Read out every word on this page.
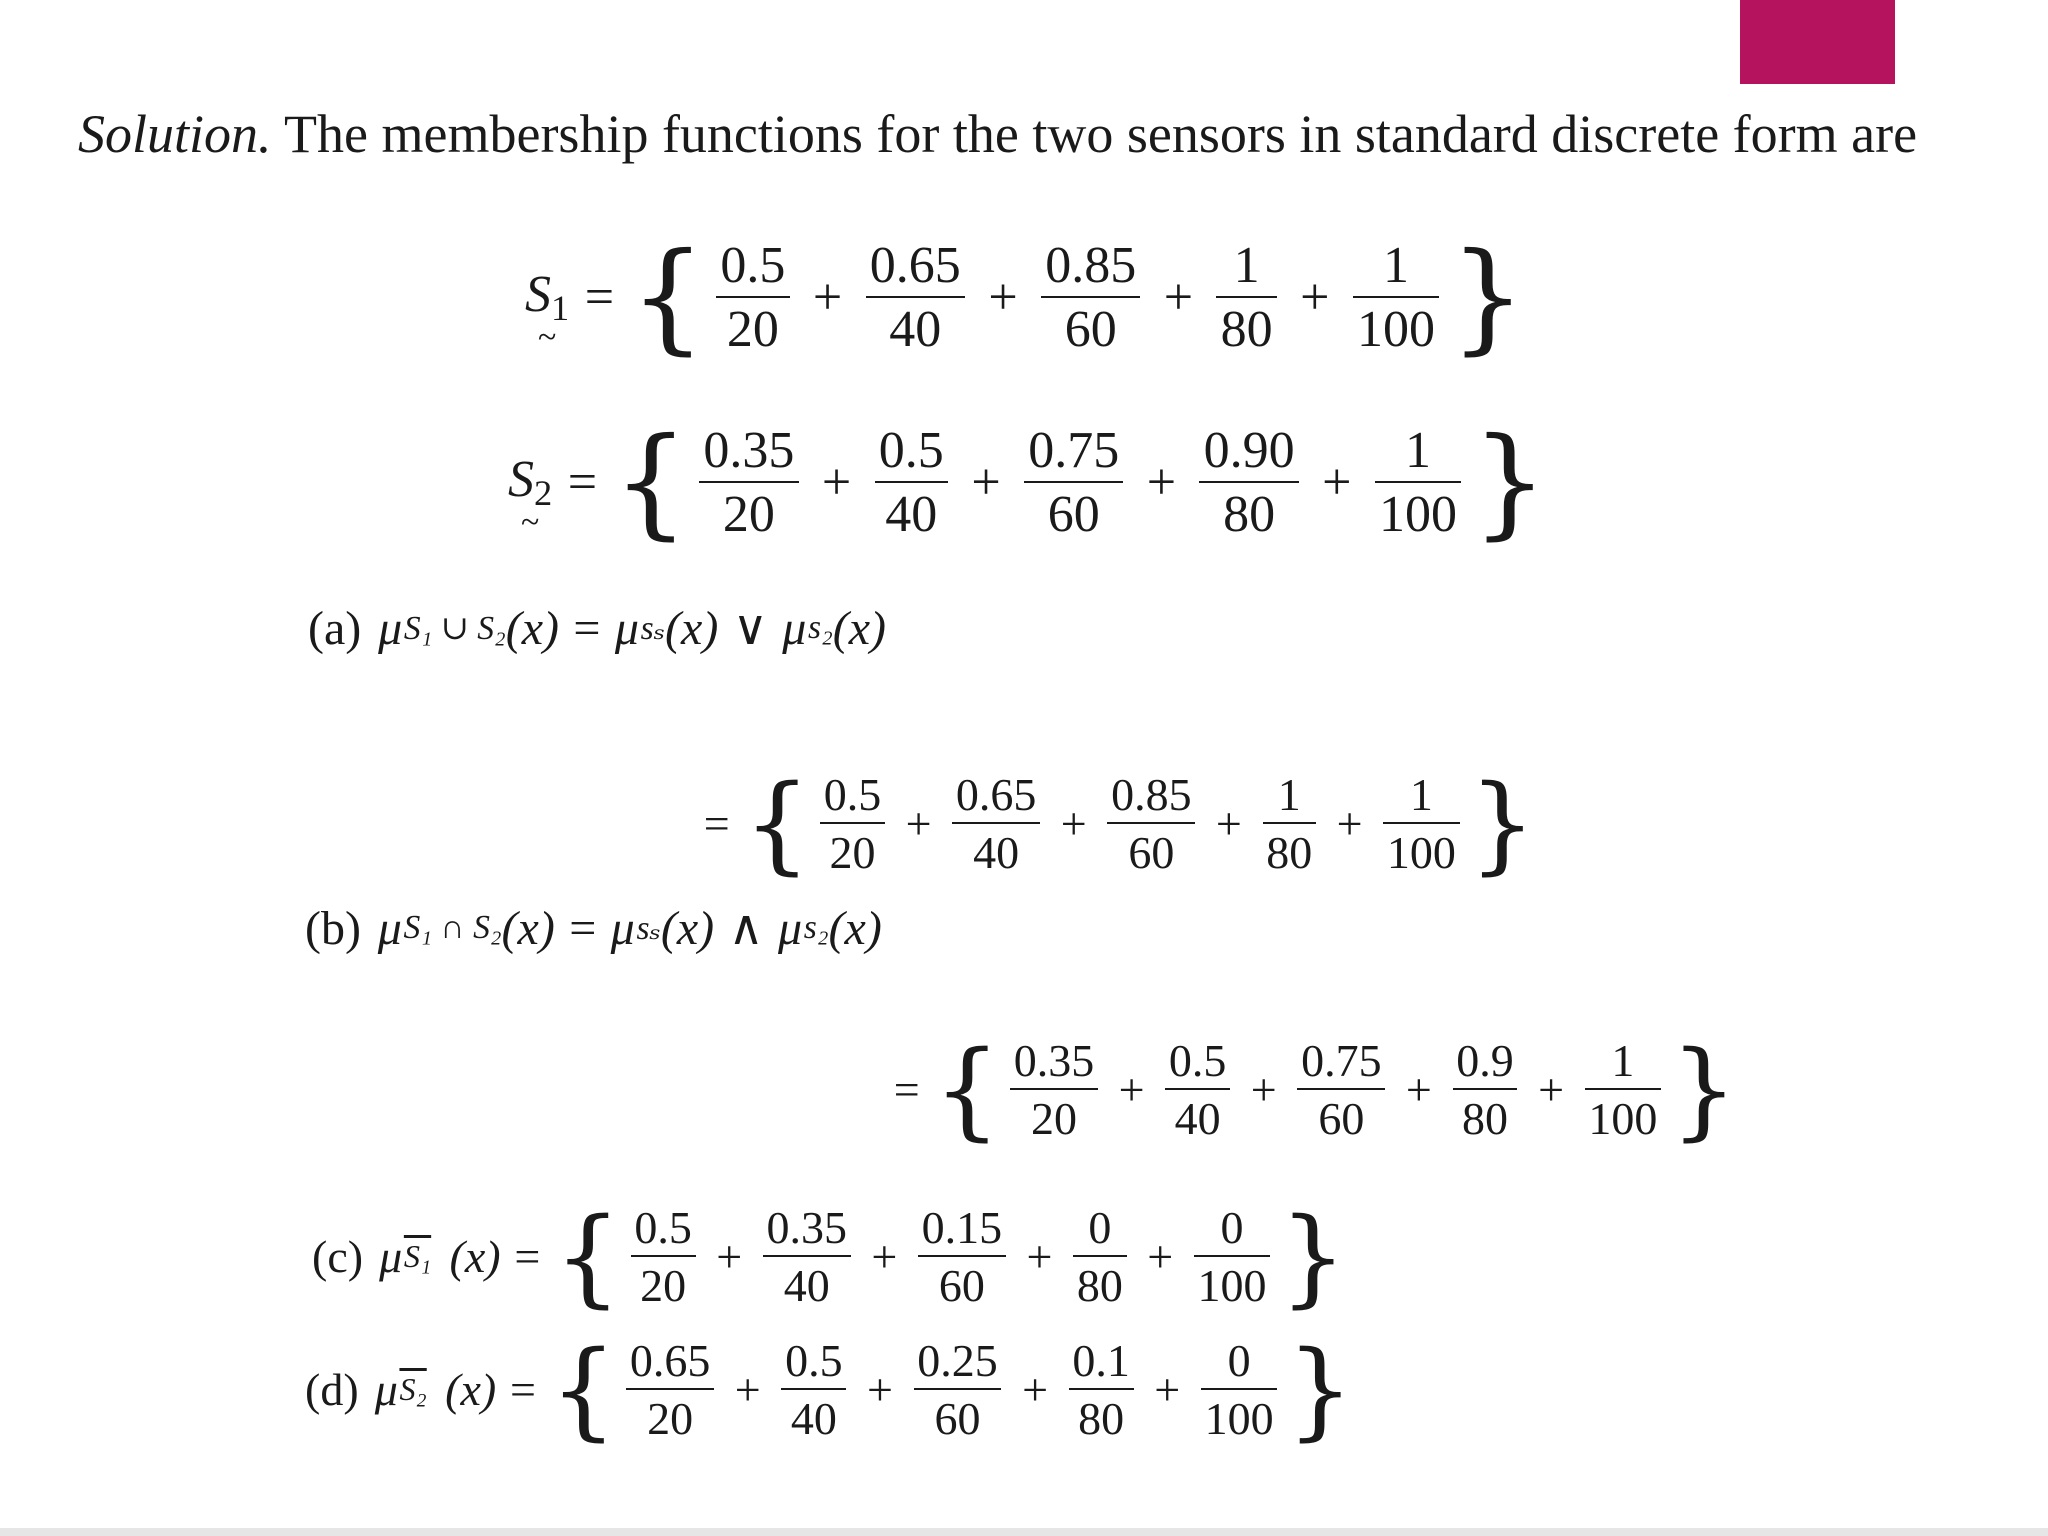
Solution. The membership functions for the two sensors in standard discrete form are
$S_1$
~
= { $\frac{0.5}{20} + \frac{0.65}{40} + \frac{0.85}{60} + \frac{1}{80} + \frac{1}{100}$ }
$S_2$
~
= { $\frac{0.35}{20} + \frac{0.5}{40} + \frac{0.75}{60} + \frac{0.90}{80} + \frac{1}{100}$ }
(a) μ S₁ ∪ S₂ (x) = μ sₛ (x) ∨ μ s₂ (x)
= { $\frac{0.5}{20} + \frac{0.65}{40} + \frac{0.85}{60} + \frac{1}{80} + \frac{1}{100}$ }
(b) μ S₁ ∩ S₂ (x) = μ sₛ (x) ∧ μ s₂ (x)
= { $\frac{0.35}{20} + \frac{0.5}{40} + \frac{0.75}{60} + \frac{0.9}{80} + \frac{1}{100}$ }
(c) μ S₁ (x) = { $\frac{0.5}{20} + \frac{0.35}{40} + \frac{0.15}{60} + \frac{0}{80} + \frac{0}{100}$ }
(d) μ S₂ (x) = { $\frac{0.65}{20} + \frac{0.5}{40} + \frac{0.25}{60} + \frac{0.1}{80} + \frac{0}{100}$ }
